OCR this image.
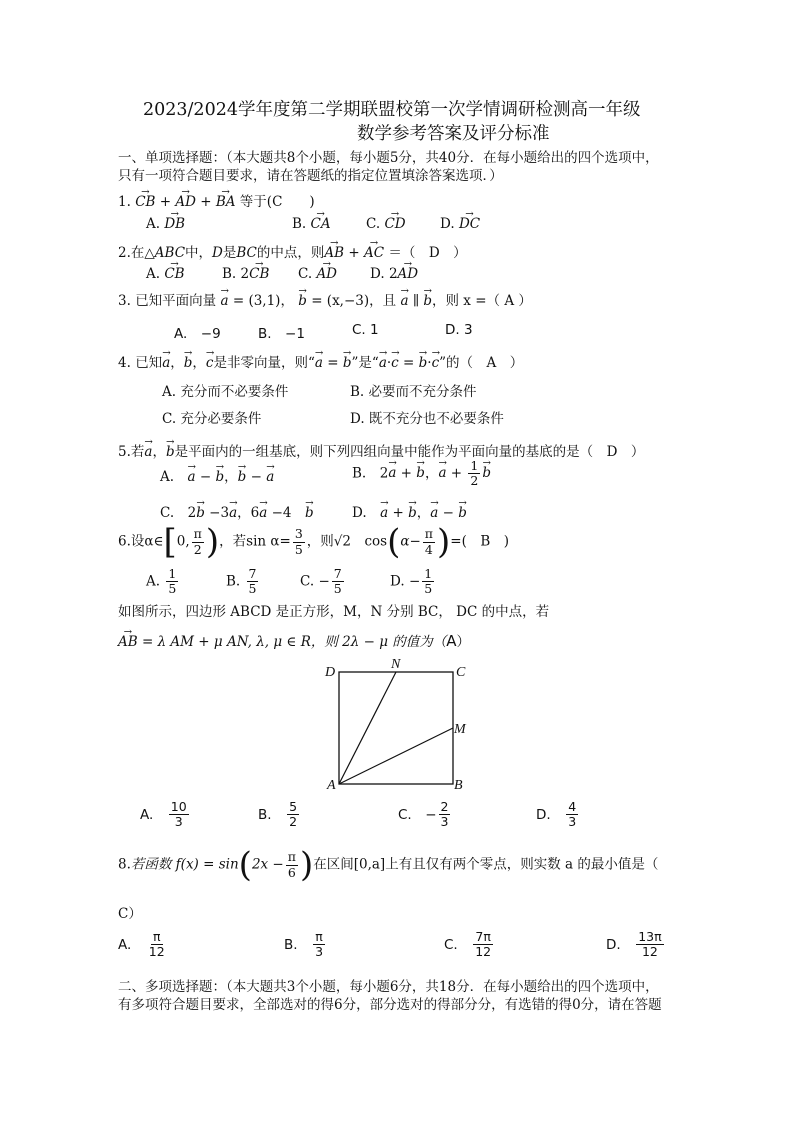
2023/2024学年度第二学期联盟校第一次学情调研检测高一年级
数学参考答案及评分标准
一、单项选择题：（本大题共8个小题，每小题5分，共40分．在每小题给出的四个选项中，
只有一项符合题目要求，请在答题纸的指定位置填涂答案选项．）
1. → CB + → AD + → BA 等于(C　　)
A. → DB	B. → CA	C. → CD	D. → DC
2.在△ABC中，D是BC的中点，则→ AB + → AC ＝（　D　）
A. → CB	B. 2→ CB C. → AD D. 2→ AD
3. 已知平面向量 → a = (3,1)， → b = (x,−3)，且 → a ∥ → b，则 x =（ A ）
A.　−9	B.　−1	C. 1	D. 3
4. 已知→ a，→ b，→ c是非零向量，则“→ a = → b”是“→ a·→ c = → b·→ c”的（　A　）
A. 充分而不必要条件	B. 必要而不充分条件
C. 充分必要条件	D. 既不充分也不必要条件
5.若→ a，→ b是平面内的一组基底，则下列四组向量中能作为平面向量的基底的是（　D　）
A.　→ a − → b，→ b − → a	B.　2→ a + → b，→ $a + \frac{1}{2}$
→ b
C.　2→ b −3→ a，6→ a −4　→ b	D.　→ a + → b，→ a − → b
6.设α∈[0, $\frac{\pi}{2}$ )，若$\sin \alpha= \frac{3}{5}$ ，则√2　$\cos(\alpha- \frac{\pi}{4}$ )=(　B　)
A. $\frac{1}{5}$	B. $\frac{7}{5}$	C. − $\frac{7}{5}$	D. − $\frac{1}{5}$
如图所示，四边形 ABCD 是正方形，M，N 分别 BC， DC 的中点，若
→ AB = λ AM + μ AN, λ, μ ∈ R，则 2λ − μ 的值为（A）
D
N
C
M
A	B
A.　 $\frac{10}{3}$	B.　 $\frac{5}{2}$	C.　 − $\frac{2}{3}$	D.　 $\frac{4}{3}$
8.若函数 $f(x) = \sin(2x - \frac{\pi}{6}$ )在区间[0,a]上有且仅有两个零点，则实数 a 的最小值是（
C）
A.　 $\frac{\pi}{12}$	B.　 $\frac{\pi}{3}$	C.　 $\frac{7\pi}{12}$	D.　 $\frac{13\pi}{12}$
二、多项选择题：（本大题共3个小题，每小题6分，共18分．在每小题给出的四个选项中，
有多项符合题目要求，全部选对的得6分，部分选对的得部分分，有选错的得0分，请在答题
